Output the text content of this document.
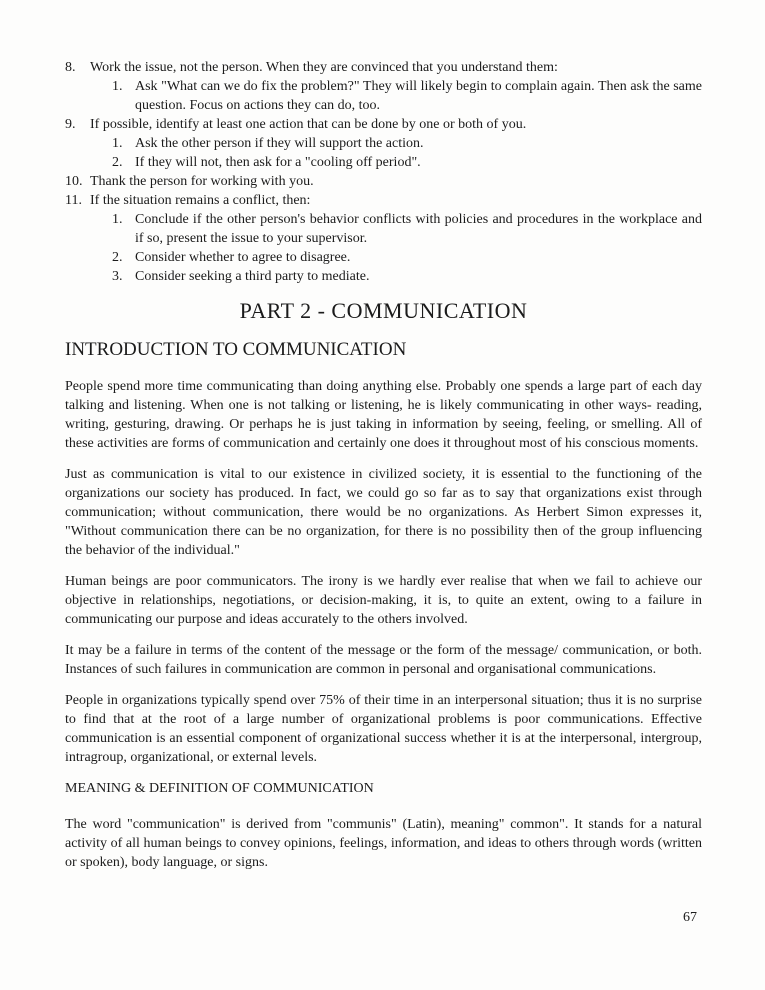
8.	Work the issue, not the person. When they are convinced that you understand them:
1. Ask "What can we do fix the problem?" They will likely begin to complain again. Then ask the same question. Focus on actions they can do, too.
9.	If possible, identify at least one action that can be done by one or both of you.
1. Ask the other person if they will support the action.
2. If they will not, then ask for a "cooling off period".
10. Thank the person for working with you.
11. If the situation remains a conflict, then:
1. Conclude if the other person's behavior conflicts with policies and procedures in the workplace and if so, present the issue to your supervisor.
2. Consider whether to agree to disagree.
3. Consider seeking a third party to mediate.
PART 2 - COMMUNICATION
INTRODUCTION TO COMMUNICATION

People spend more time communicating than doing anything else. Probably one spends a large part of each day talking and listening. When one is not talking or listening, he is likely communicating in other ways- reading, writing, gesturing, drawing. Or perhaps he is just taking in information by seeing, feeling, or smelling. All of these activities are forms of communication and certainly one does it throughout most of his conscious moments.

Just as communication is vital to our existence in civilized society, it is essential to the functioning of the organizations our society has produced. In fact, we could go so far as to say that organizations exist through communication; without communication, there would be no organizations. As Herbert Simon expresses it, "Without communication there can be no organization, for there is no possibility then of the group influencing the behavior of the individual."

Human beings are poor communicators. The irony is we hardly ever realise that when we fail to achieve our objective in relationships, negotiations, or decision-making, it is, to quite an extent, owing to a failure in communicating our purpose and ideas accurately to the others involved.

It may be a failure in terms of the content of the message or the form of the message/ communication, or both. Instances of such failures in communication are common in personal and organisational communications.

People in organizations typically spend over 75% of their time in an interpersonal situation; thus it is no surprise to find that at the root of a large number of organizational problems is poor communications. Effective communication is an essential component of organizational success whether it is at the interpersonal, intergroup, intragroup, organizational, or external levels.

MEANING & DEFINITION OF COMMUNICATION

The word "communication" is derived from "communis" (Latin), meaning" common". It stands for a natural activity of all human beings to convey opinions, feelings, information, and ideas to others through words (written or spoken), body language, or signs.

67
